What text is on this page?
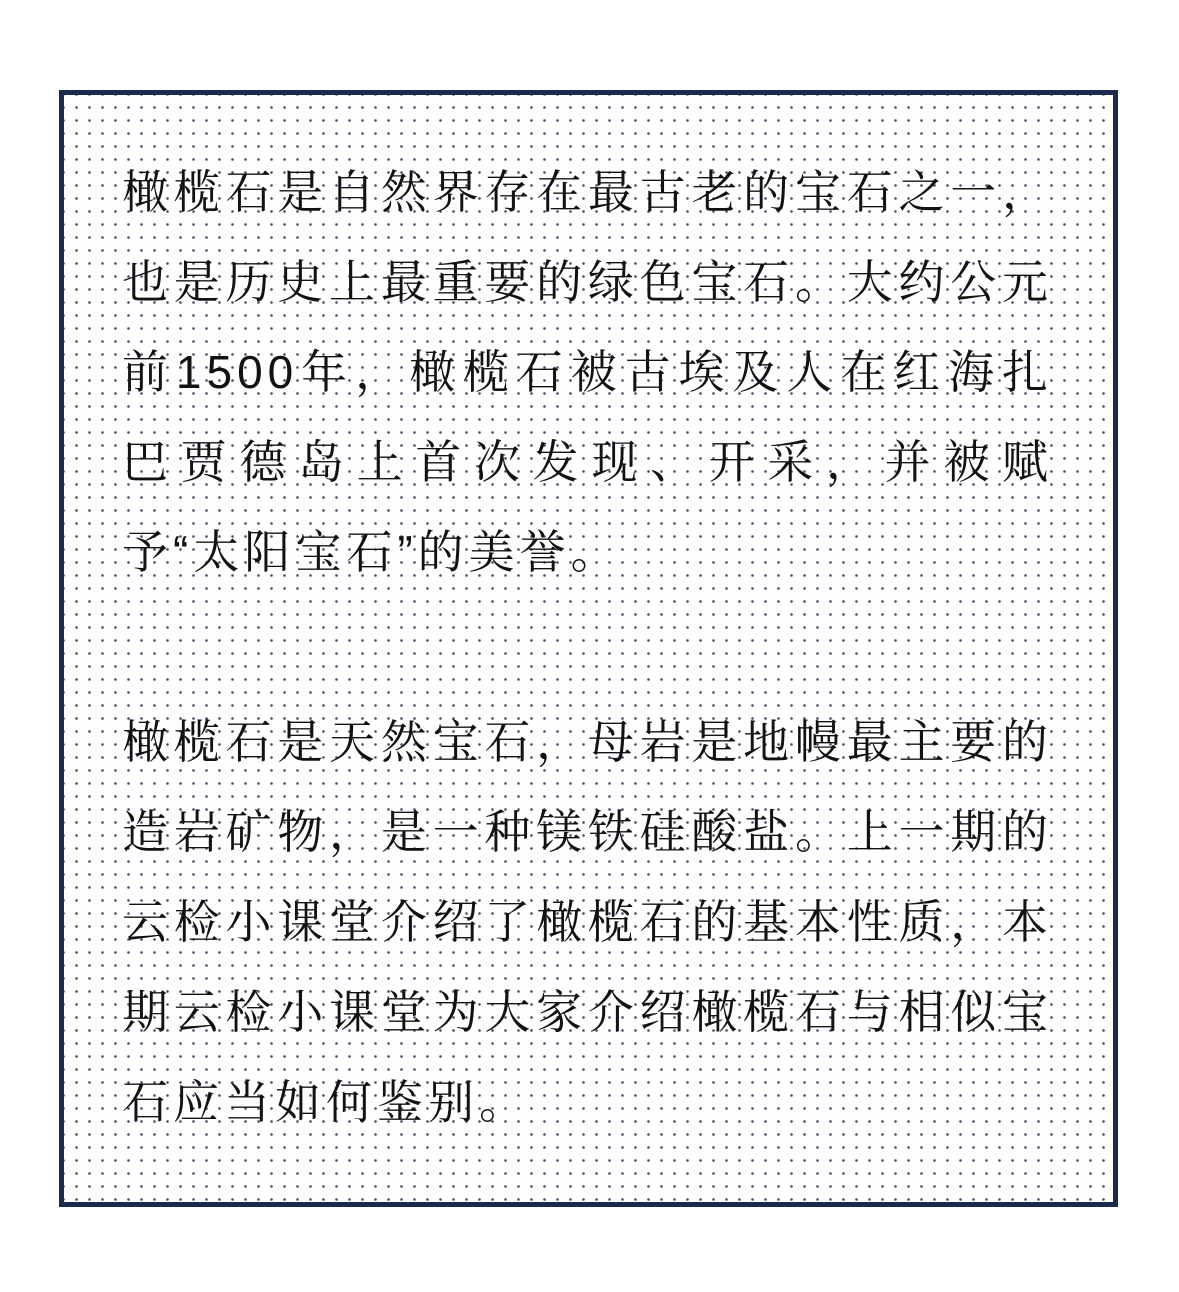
橄榄石是自然界存在最古老的宝石之一，也是历史上最重要的绿色宝石。大约公元前1500年，橄榄石被古埃及人在红海扎巴贾德岛上首次发现、开采，并被赋予“太阳宝石”的美誉。

橄榄石是天然宝石，母岩是地幔最主要的造岩矿物，是一种镁铁硅酸盐。上一期的云检小课堂介绍了橄榄石的基本性质，本期云检小课堂为大家介绍橄榄石与相似宝石应当如何鉴别。
